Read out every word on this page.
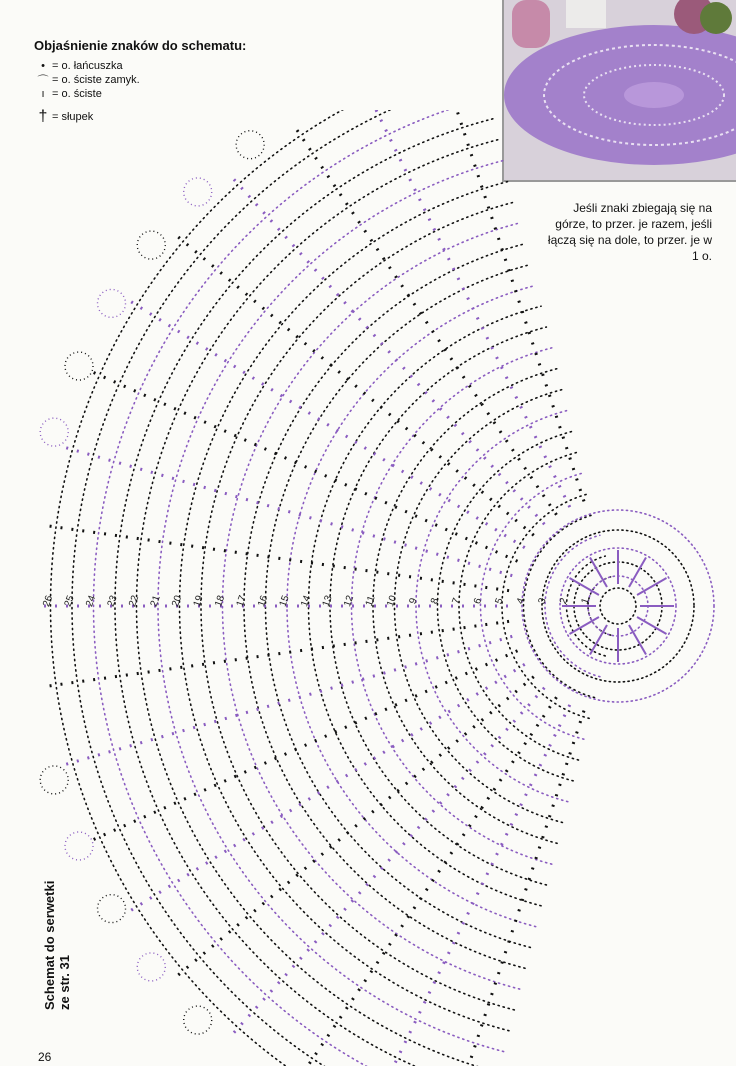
Objaśnienie znaków do schematu:
• = o. łańcuszka
⌒ = o. ściste zamyk.
ı = o. ściste
† = słupek
Jeśli znaki zbiegają się na górze, to przer. je razem, jeśli łączą się na dole, to przer. je w 1 o.
Schemat do serwetki ze str. 31
26
1
2
3
4
5
6
7
8
9
10
11
12
13
14
15
16
17
18
19
20
21
22
23
24
25
26
